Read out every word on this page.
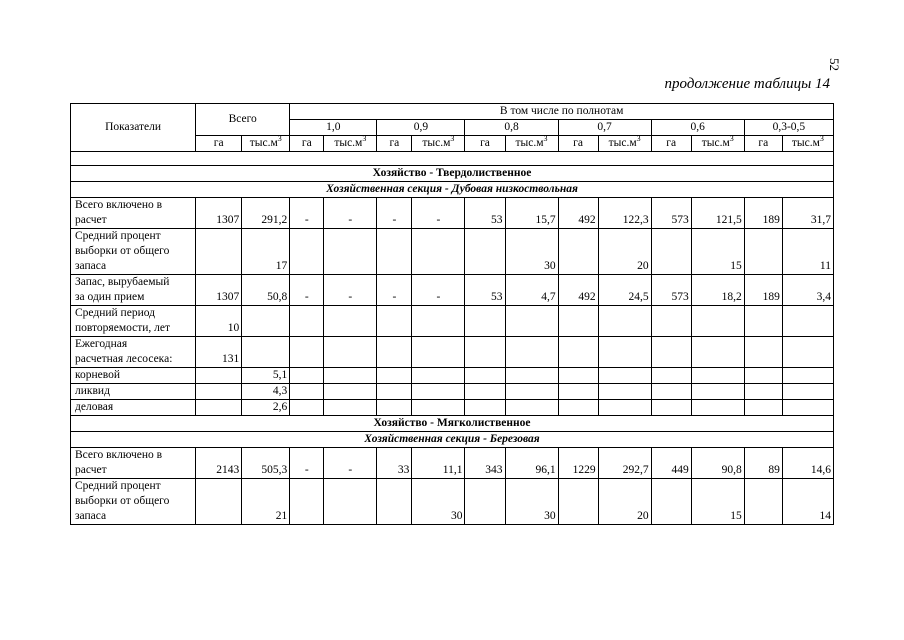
52
продолжение таблицы 14
Показатели	Всего		В том числе по полнотам											
			1,0		0,9		0,8		0,7		0,6		0,3-0,5	
	га	$тыс.м^3$	га	$тыс.м^3$	га	$тыс.м^3$	га	$тыс.м^3$	га	$тыс.м^3$	га	$тыс.м^3$	га	$тыс.м^3$

Хозяйство - Твердолиственное														
Хозяйственная секция - Дубовая низкоствольная														

Всего включено в
расчет	1307	291,2	-	-	-	-	53	15,7	492	122,3	573	121,5	189	31,7

Средний процент
выборки от общего
запаса		17						30		20		15		11

Запас, вырубаемый
за один прием	1307	50,8	-	-	-	-	53	4,7	492	24,5	573	18,2	189	3,4

Средний период
повторяемости, лет	10													

Ежегодная
расчетная лесосека:	131													

корневой		5,1												

ликвид		4,3												

деловая		2,6												
Хозяйство - Мягколиственное														
Хозяйственная секция - Березовая														

Всего включено в
расчет	2143	505,3	-	-	33	11,1	343	96,1	1229	292,7	449	90,8	89	14,6

Средний процент
выборки от общего
запаса		21				30		30		20		15		14
